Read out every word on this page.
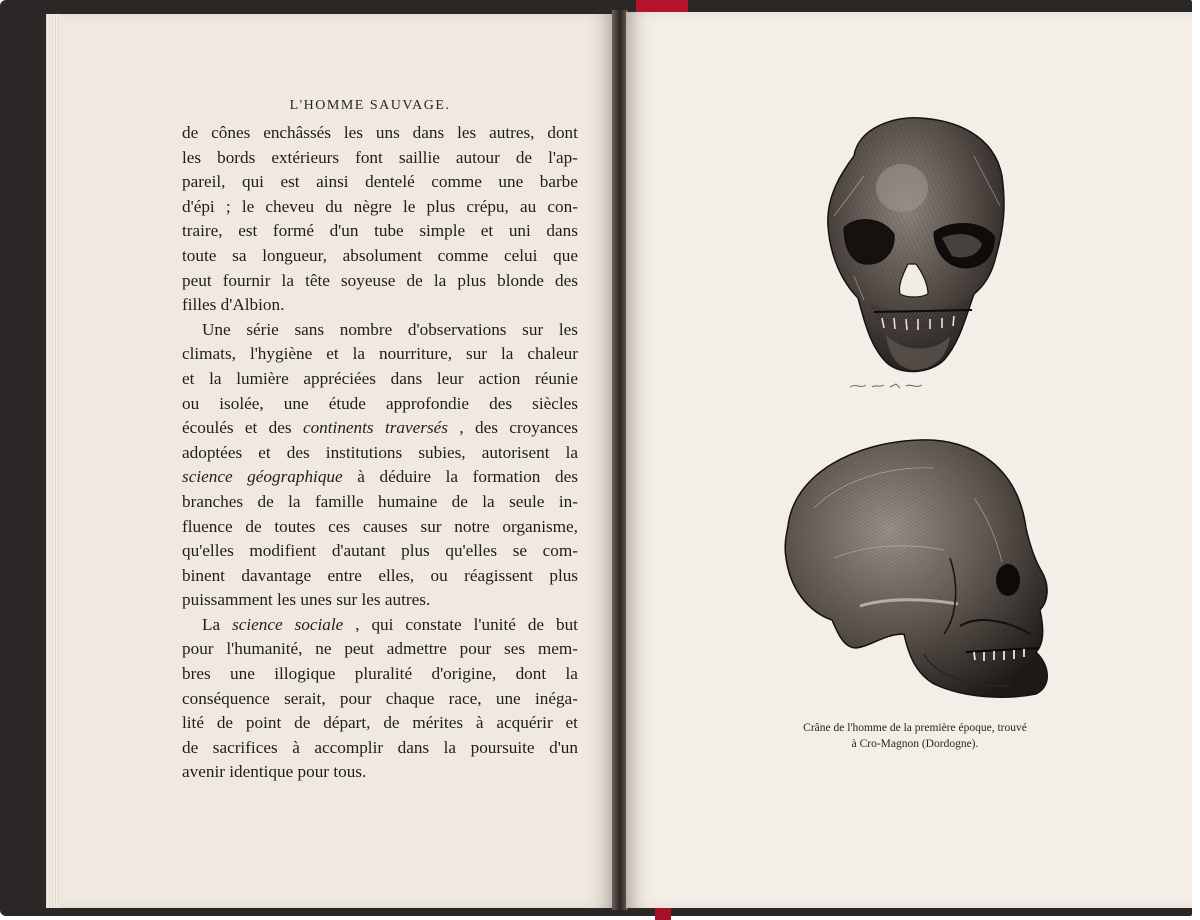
L'HOMME SAUVAGE.
de cônes enchâssés les uns dans les autres, dont
les bords extérieurs font saillie autour de l'ap-
pareil, qui est ainsi dentelé comme une barbe
d'épi ; le cheveu du nègre le plus crépu, au con-
traire, est formé d'un tube simple et uni dans
toute sa longueur, absolument comme celui que
peut fournir la tête soyeuse de la plus blonde des
filles
d'Albion.
Une série sans nombre d'observations sur les
climats, l'hygiène et la nourriture, sur la chaleur
et la lumière appréciées dans leur action réunie
ou isolée, une étude approfondie des siècles
écoulés et des continents traversés , des croyances
adoptées et des institutions subies, autorisent la
science géographique à déduire la formation des
branches de la famille humaine de la seule in-
fluence de toutes ces causes sur notre organisme,
qu'elles modifient d'autant plus qu'elles se com-
binent davantage entre elles, ou réagissent plus
puissamment
les
unes
sur
les
autres.
La science sociale , qui constate l'unité de but
pour l'humanité, ne peut admettre pour ses mem-
bres une illogique pluralité d'origine, dont la
conséquence serait, pour chaque race, une inéga-
lité de point de départ, de mérites à acquérir et
de sacrifices à accomplir dans la poursuite d'un
avenir
identique
pour
tous.
Crâne de l'homme de la première époque, trouvé
à Cro-Magnon (Dordogne).
